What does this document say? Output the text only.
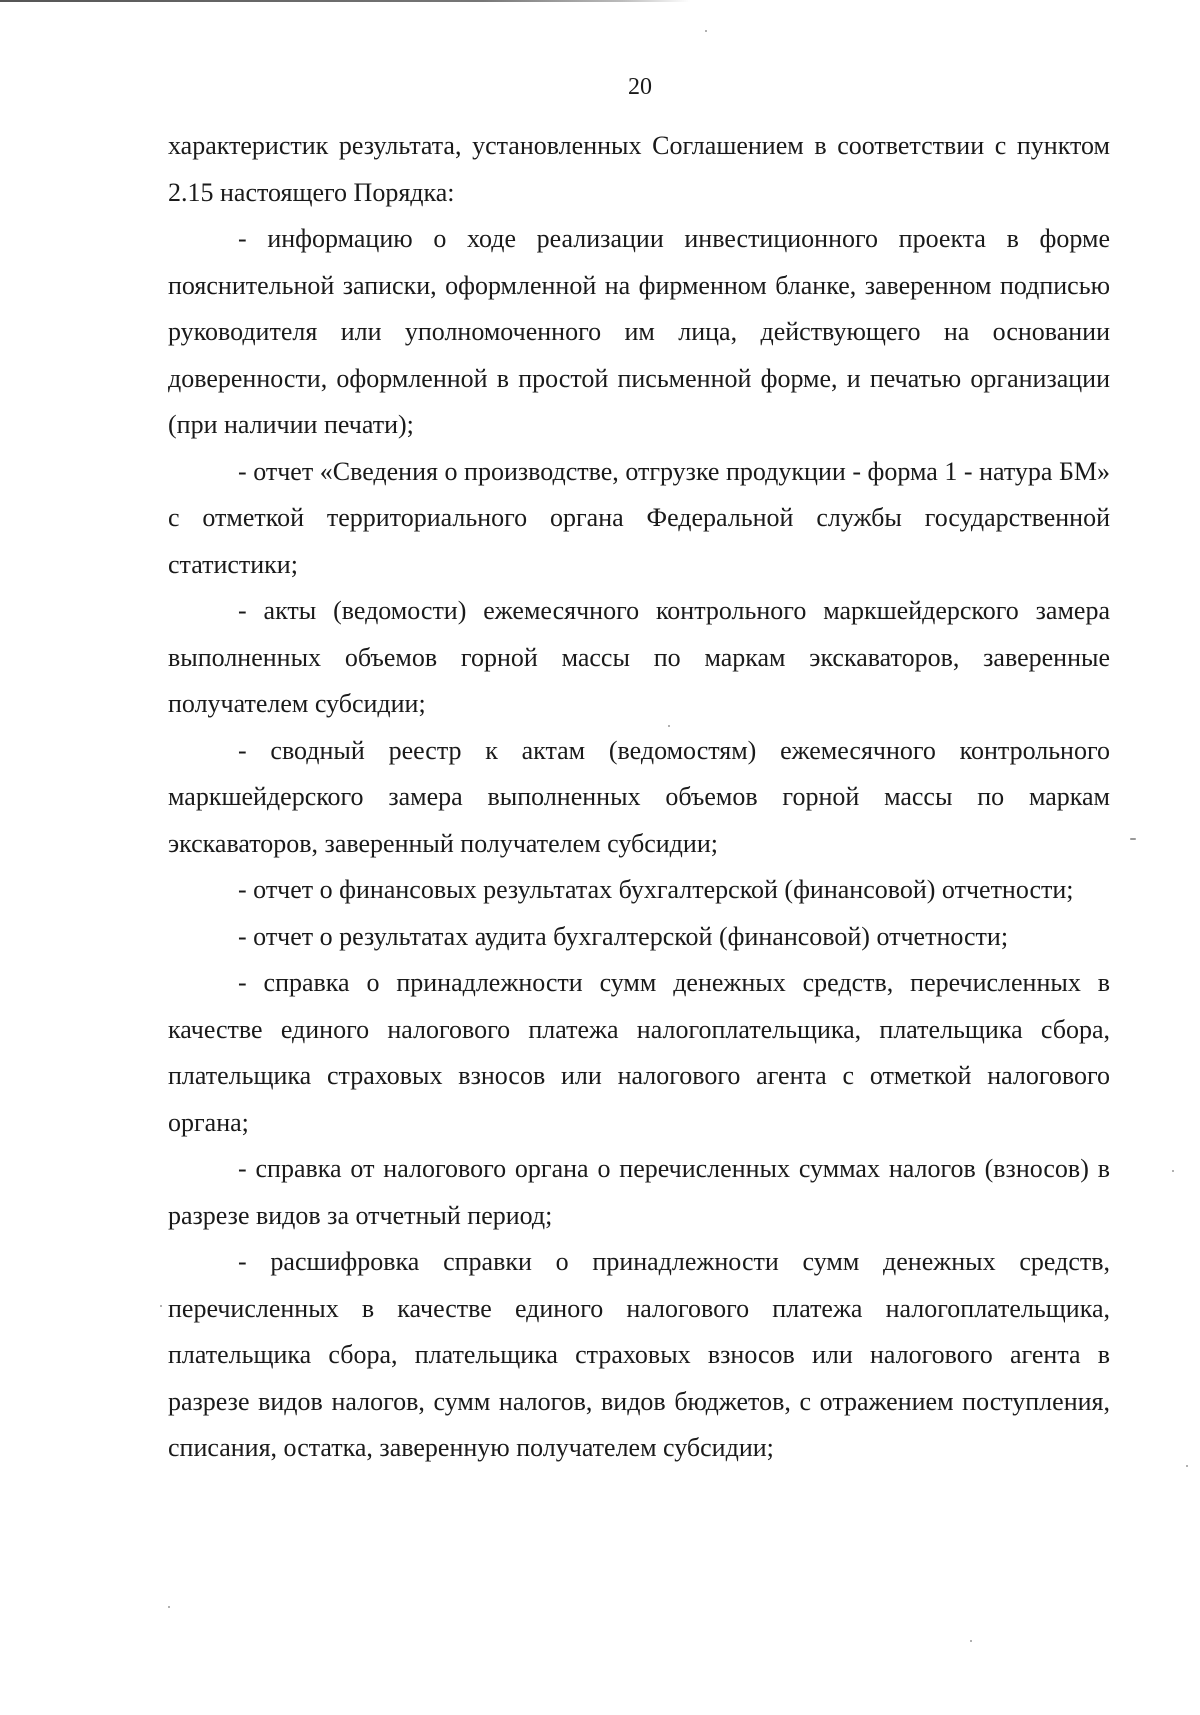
20

характеристик результата, установленных Соглашением в соответствии с пунктом 2.15 настоящего Порядка:

- информацию о ходе реализации инвестиционного проекта в форме пояснительной записки, оформленной на фирменном бланке, заверенном подписью руководителя или уполномоченного им лица, действующего на основании доверенности, оформленной в простой письменной форме, и печатью организации (при наличии печати);

- отчет «Сведения о производстве, отгрузке продукции - форма 1 - натура БМ» с отметкой территориального органа Федеральной службы государственной статистики;

- акты (ведомости) ежемесячного контрольного маркшейдерского замера выполненных объемов горной массы по маркам экскаваторов, заверенные получателем субсидии;

- сводный реестр к актам (ведомостям) ежемесячного контрольного маркшейдерского замера выполненных объемов горной массы по маркам экскаваторов, заверенный получателем субсидии;

- отчет о финансовых результатах бухгалтерской (финансовой) отчетности;

- отчет о результатах аудита бухгалтерской (финансовой) отчетности;

- справка о принадлежности сумм денежных средств, перечисленных в качестве единого налогового платежа налогоплательщика, плательщика сбора, плательщика страховых взносов или налогового агента с отметкой налогового органа;

- справка от налогового органа о перечисленных суммах налогов (взносов) в разрезе видов за отчетный период;

- расшифровка справки о принадлежности сумм денежных средств, перечисленных в качестве единого налогового платежа налогоплательщика, плательщика сбора, плательщика страховых взносов или налогового агента в разрезе видов налогов, сумм налогов, видов бюджетов, с отражением поступления, списания, остатка, заверенную получателем субсидии;
